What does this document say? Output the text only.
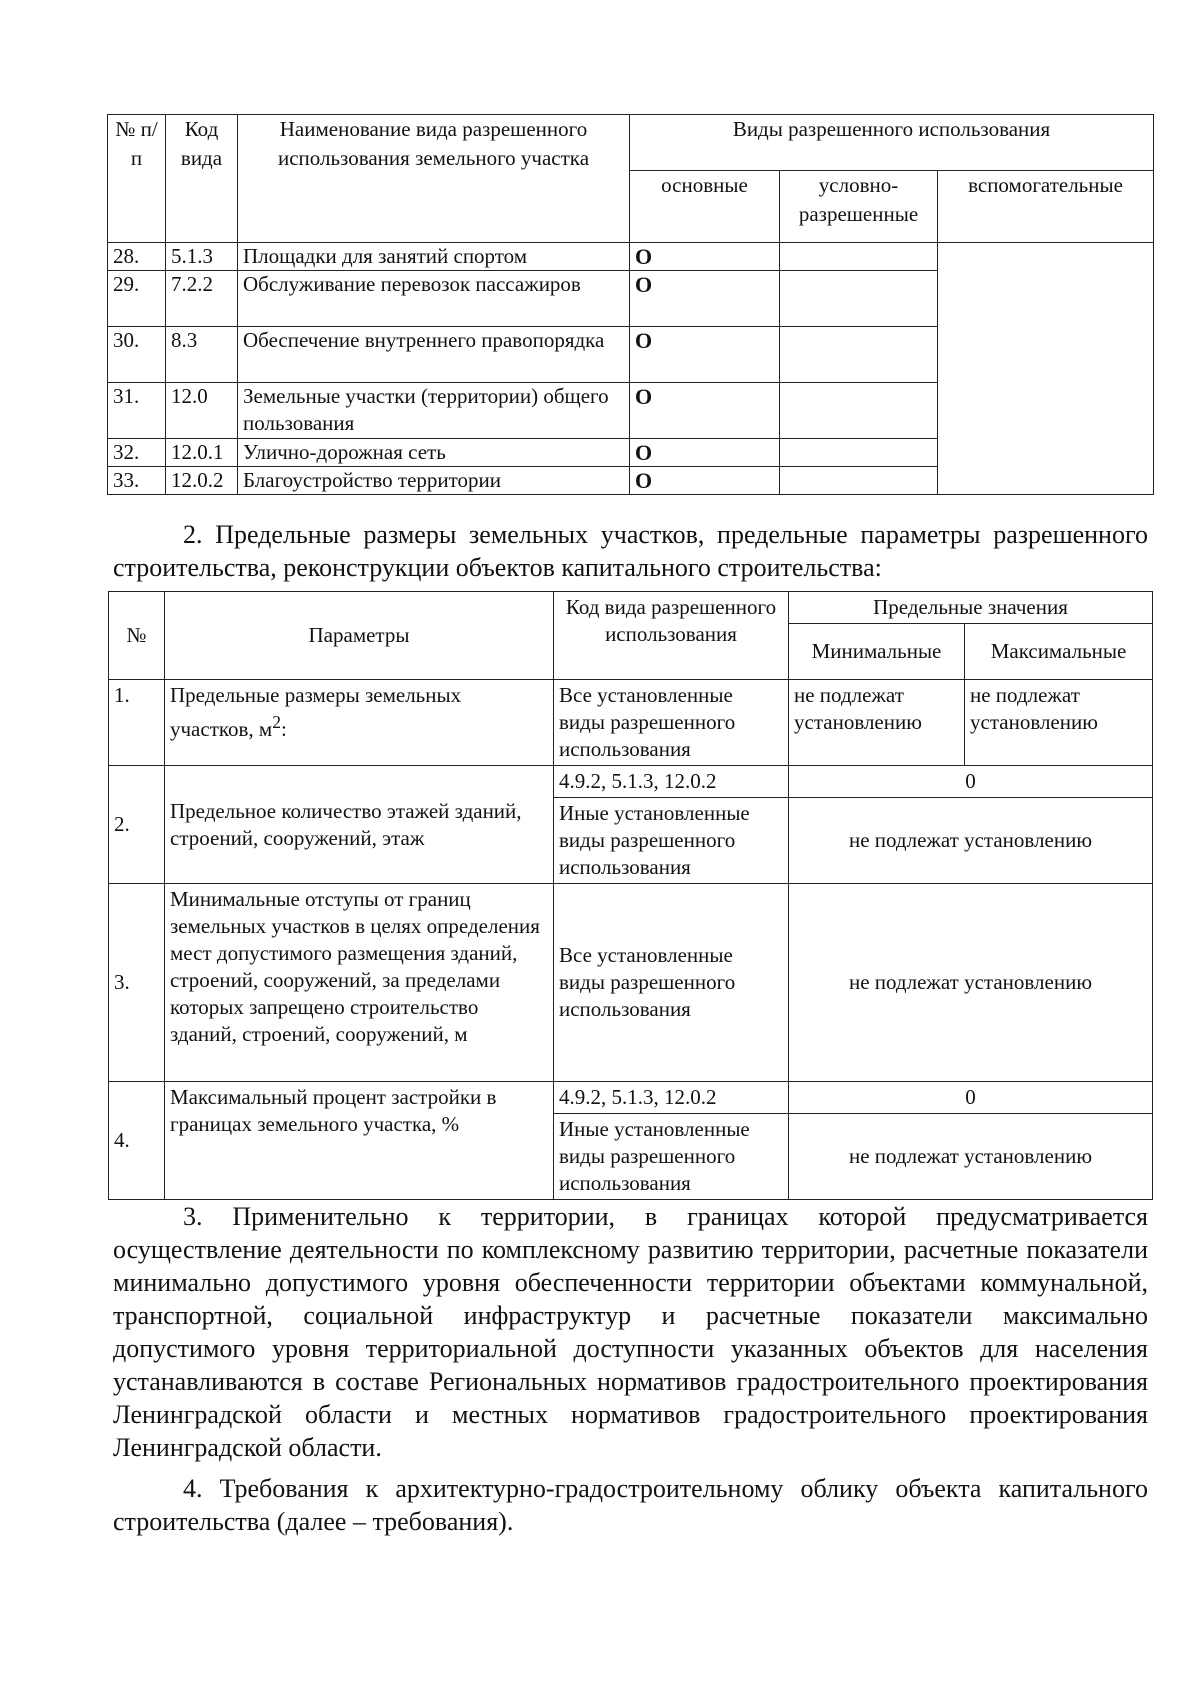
№ п/п	Код вида	Наименование вида разрешенного использования земельного участка	Виды разрешенного использования		
			основные	условно-разрешенные	вспомогательные
28.	5.1.3	Площадки для занятий спортом	О		
29.	7.2.2	Обслуживание перевозок пассажиров	О		
30.	8.3	Обеспечение внутреннего правопорядка	О		
31.	12.0	Земельные участки (территории) общего пользования	О		
32.	12.0.1	Улично-дорожная сеть	О		
33.	12.0.2	Благоустройство территории	О		

2. Предельные размеры земельных участков, предельные параметры разрешенного строительства, реконструкции объектов капитального строительства:

№	Параметры	Код вида разрешенного использования	Предельные значения	
			Минимальные	Максимальные
1.	Предельные размеры земельных участков, $м^2$:	Все установленные виды разрешенного использования	не подлежат установлению	не подлежат установлению
2.	Предельное количество этажей зданий, строений, сооружений, этаж	4.9.2, 5.1.3, 12.0.2	0	
		Иные установленные виды разрешенного использования	не подлежат установлению	
3.	Минимальные отступы от границ земельных участков в целях определения мест допустимого размещения зданий, строений, сооружений, за пределами которых запрещено строительство зданий, строений, сооружений, м	Все установленные виды разрешенного использования	не подлежат установлению	
4.	Максимальный процент застройки в границах земельного участка, %	4.9.2, 5.1.3, 12.0.2	0	
		Иные установленные виды разрешенного использования	не подлежат установлению	

3. Применительно к территории, в границах которой предусматривается осуществление деятельности по комплексному развитию территории, расчетные показатели минимально допустимого уровня обеспеченности территории объектами коммунальной, транспортной, социальной инфраструктур и расчетные показатели максимально допустимого уровня территориальной доступности указанных объектов для населения устанавливаются в составе Региональных нормативов градостроительного проектирования Ленинградской области и местных нормативов градостроительного проектирования Ленинградской области.

4. Требования к архитектурно-градостроительному облику объекта капитального строительства (далее – требования).
